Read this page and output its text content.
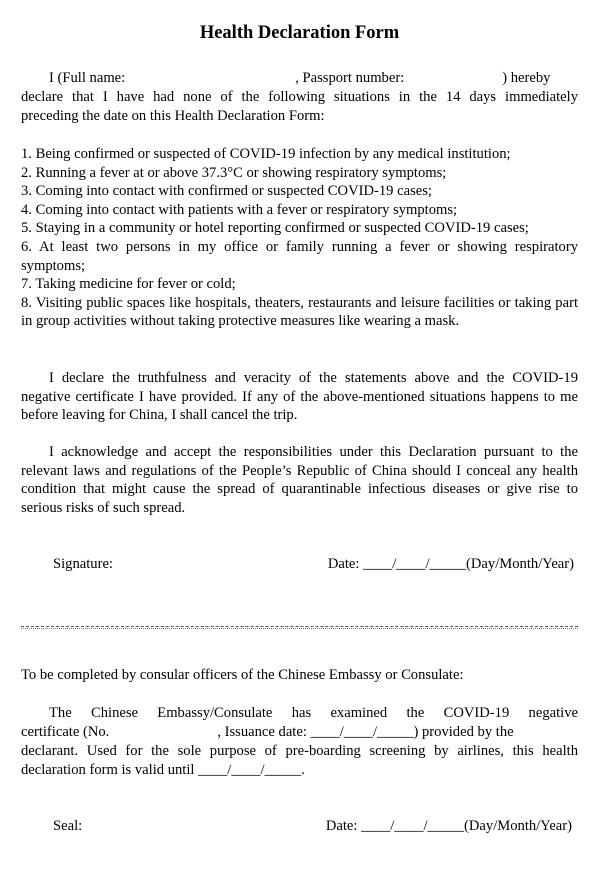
Health Declaration Form
I (Full name:	, Passport number:	) hereby
declare that I have had none of the following situations in the 14 days immediately
preceding the date on this Health Declaration Form:
1. Being confirmed or suspected of COVID-19 infection by any medical institution;
2. Running a fever at or above 37.3°C or showing respiratory symptoms;
3. Coming into contact with confirmed or suspected COVID-19 cases;
4. Coming into contact with patients with a fever or respiratory symptoms;
5. Staying in a community or hotel reporting confirmed or suspected COVID-19 cases;
6. At least two persons in my office or family running a fever or showing respiratory symptoms;
7. Taking medicine for fever or cold;
8. Visiting public spaces like hospitals, theaters, restaurants and leisure facilities or taking part in group activities without taking protective measures like wearing a mask.
I declare the truthfulness and veracity of the statements above and the COVID-19 negative certificate I have provided. If any of the above-mentioned situations happens to me before leaving for China, I shall cancel the trip.
I acknowledge and accept the responsibilities under this Declaration pursuant to the relevant laws and regulations of the People’s Republic of China should I conceal any health condition that might cause the spread of quarantinable infectious diseases or give rise to serious risks of such spread.
Signature:	Date: ____/____/_____(Day/Month/Year)
To be completed by consular officers of the Chinese Embassy or Consulate:
The Chinese Embassy/Consulate has examined the COVID-19 negative
certificate (No.	, Issuance date: ____/____/_____) provided by the
declarant. Used for the sole purpose of pre-boarding screening by airlines, this health
declaration form is valid until ____/____/_____.
Seal:	Date: ____/____/_____(Day/Month/Year)
